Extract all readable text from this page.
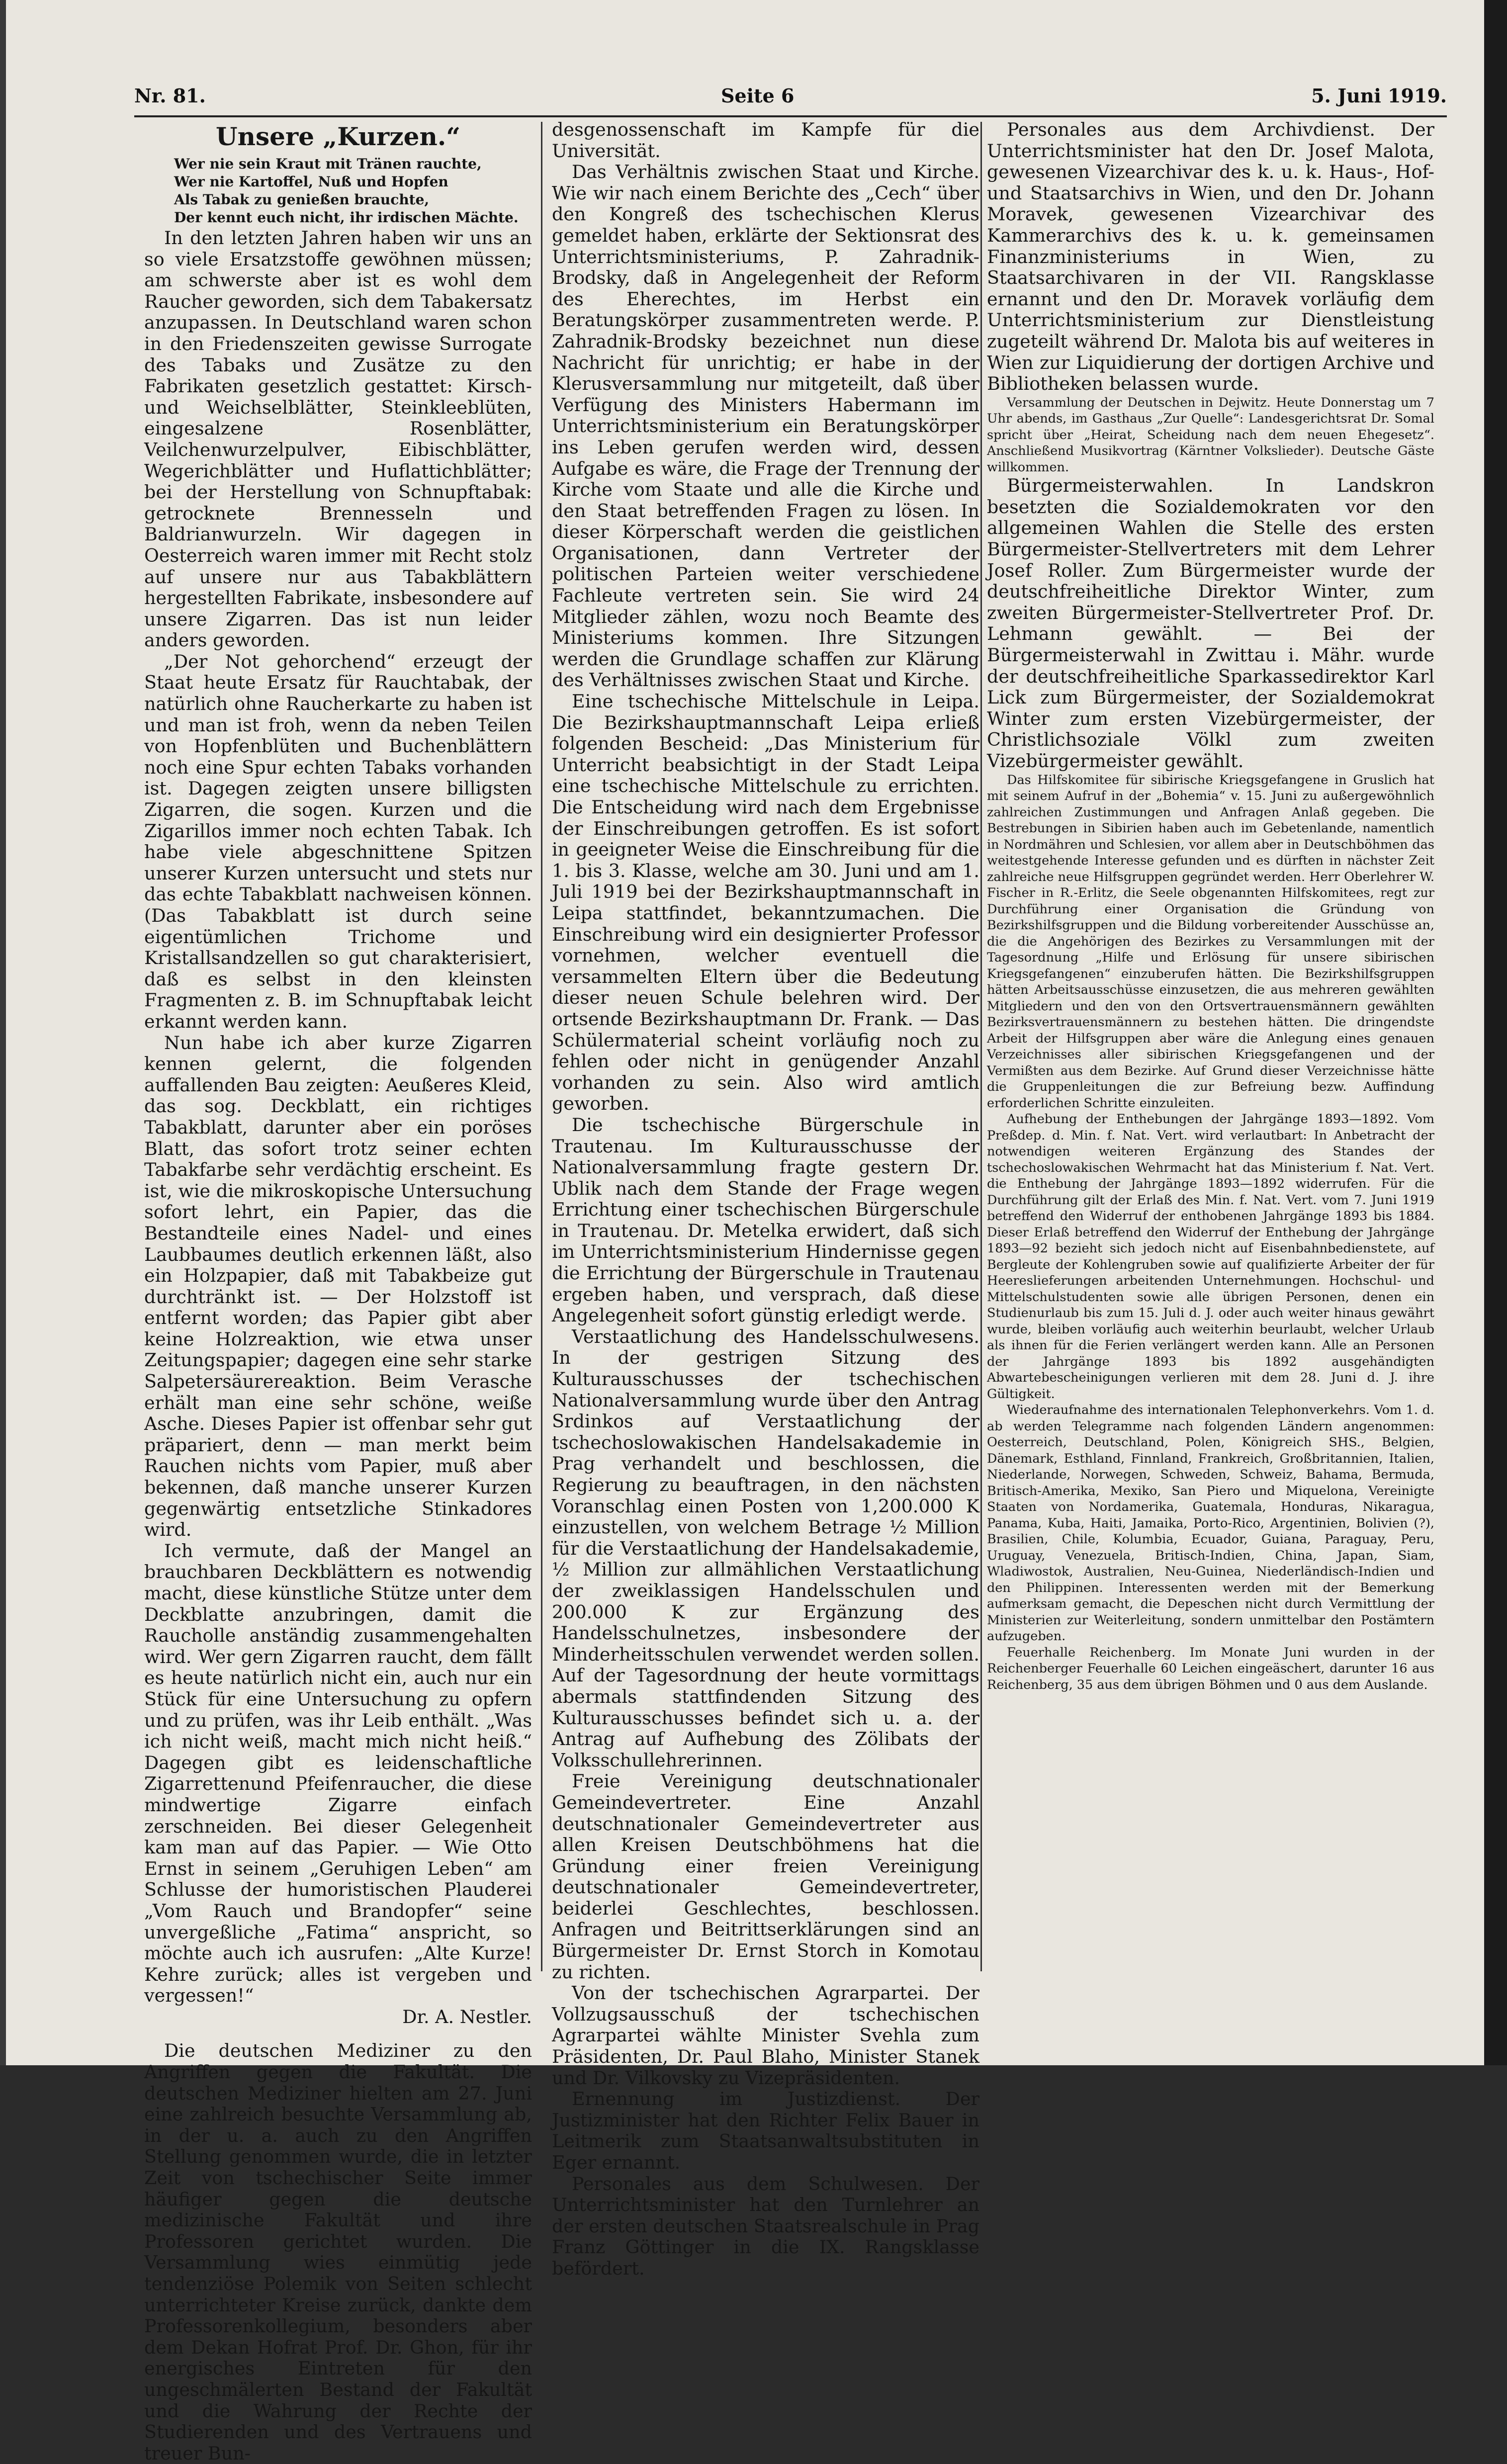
Nr. 81.	Seite 6	5. Juni 1919.
Unsere „Kurzen.“
Wer nie sein Kraut mit Tränen rauchte,
Wer nie Kartoffel, Nuß und Hopfen
Als Tabak zu genießen brauchte,
Der kennt euch nicht, ihr irdischen Mächte.

In den letzten Jahren haben wir uns an so viele Ersatzstoffe gewöhnen müssen; am schwerste aber ist es wohl dem Raucher geworden, sich dem Tabakersatz anzupassen. In Deutschland waren schon in den Friedenszeiten gewisse Surrogate des Tabaks und Zusätze zu den Fabrikaten gesetzlich gestattet: Kirsch- und Weichselblätter, Steinkleeblüten, eingesalzene Rosenblätter, Veilchenwurzelpulver, Eibischblätter, Wegerichblätter und Huflattichblätter; bei der Herstellung von Schnupftabak: getrocknete Brennesseln und Baldrianwurzeln. Wir dagegen in Oesterreich waren immer mit Recht stolz auf unsere nur aus Tabakblättern hergestellten Fabrikate, insbesondere auf unsere Zigarren. Das ist nun leider anders geworden.

„Der Not gehorchend“ erzeugt der Staat heute Ersatz für Rauchtabak, der natürlich ohne Raucherkarte zu haben ist und man ist froh, wenn da neben Teilen von Hopfenblüten und Buchenblättern noch eine Spur echten Tabaks vorhanden ist. Dagegen zeigten unsere billigsten Zigarren, die sogen. Kurzen und die Zigarillos immer noch echten Tabak. Ich habe viele abgeschnittene Spitzen unserer Kurzen untersucht und stets nur das echte Tabakblatt nachweisen können. (Das Tabakblatt ist durch seine eigentümlichen Trichome und Kristallsandzellen so gut charakterisiert, daß es selbst in den kleinsten Fragmenten z. B. im Schnupftabak leicht erkannt werden kann.

Nun habe ich aber kurze Zigarren kennen gelernt, die folgenden auffallenden Bau zeigten: Aeußeres Kleid, das sog. Deckblatt, ein richtiges Tabakblatt, darunter aber ein poröses Blatt, das sofort trotz seiner echten Tabakfarbe sehr verdächtig erscheint. Es ist, wie die mikroskopische Untersuchung sofort lehrt, ein Papier, das die Bestandteile eines Nadel- und eines Laubbaumes deutlich erkennen läßt, also ein Holzpapier, daß mit Tabakbeize gut durchtränkt ist. — Der Holzstoff ist entfernt worden; das Papier gibt aber keine Holzreaktion, wie etwa unser Zeitungspapier; dagegen eine sehr starke Salpetersäurereaktion. Beim Verasche erhält man eine sehr schöne, weiße Asche. Dieses Papier ist offenbar sehr gut präpariert, denn — man merkt beim Rauchen nichts vom Papier, muß aber bekennen, daß manche unserer Kurzen gegenwärtig entsetzliche Stinkadores wird.

Ich vermute, daß der Mangel an brauchbaren Deckblättern es notwendig macht, diese künstliche Stütze unter dem Deckblatte anzubringen, damit die Raucholle anständig zusammengehalten wird. Wer gern Zigarren raucht, dem fällt es heute natürlich nicht ein, auch nur ein Stück für eine Untersuchung zu opfern und zu prüfen, was ihr Leib enthält. „Was ich nicht weiß, macht mich nicht heiß.“ Dagegen gibt es leidenschaftliche Zigarrettenund Pfeifenraucher, die diese mindwertige Zigarre einfach zerschneiden. Bei dieser Gelegenheit kam man auf das Papier. — Wie Otto Ernst in seinem „Geruhigen Leben“ am Schlusse der humoristischen Plauderei „Vom Rauch und Brandopfer“ seine unvergeßliche „Fatima“ anspricht, so möchte auch ich ausrufen: „Alte Kurze! Kehre zurück; alles ist vergeben und vergessen!“

Dr. A. Nestler.

Die deutschen Mediziner zu den Angriffen gegen die Fakultät. Die deutschen Mediziner hielten am 27. Juni eine zahlreich besuchte Versammlung ab, in der u. a. auch zu den Angriffen Stellung genommen wurde, die in letzter Zeit von tschechischer Seite immer häufiger gegen die deutsche medizinische Fakultät und ihre Professoren gerichtet wurden. Die Versammlung wies einmütig jede tendenziöse Polemik von Seiten schlecht unterrichteter Kreise zurück, dankte dem Professorenkollegium, besonders aber dem Dekan Hofrat Prof. Dr. Ghon, für ihr energisches Eintreten für den ungeschmälerten Bestand der Fakultät und die Wahrung der Rechte der Studierenden und des Vertrauens und treuer Bun-

desgenossenschaft im Kampfe für die Universität.

Das Verhältnis zwischen Staat und Kirche. Wie wir nach einem Berichte des „Cech“ über den Kongreß des tschechischen Klerus gemeldet haben, erklärte der Sektionsrat des Unterrichtsministeriums, P. Zahradnik-Brodsky, daß in Angelegenheit der Reform des Eherechtes, im Herbst ein Beratungskörper zusammentreten werde. P. Zahradnik-Brodsky bezeichnet nun diese Nachricht für unrichtig; er habe in der Klerusversammlung nur mitgeteilt, daß über Verfügung des Ministers Habermann im Unterrichtsministerium ein Beratungskörper ins Leben gerufen werden wird, dessen Aufgabe es wäre, die Frage der Trennung der Kirche vom Staate und alle die Kirche und den Staat betreffenden Fragen zu lösen. In dieser Körperschaft werden die geistlichen Organisationen, dann Vertreter der politischen Parteien weiter verschiedene Fachleute vertreten sein. Sie wird 24 Mitglieder zählen, wozu noch Beamte des Ministeriums kommen. Ihre Sitzungen werden die Grundlage schaffen zur Klärung des Verhältnisses zwischen Staat und Kirche.

Eine tschechische Mittelschule in Leipa. Die Bezirkshauptmannschaft Leipa erließ folgenden Bescheid: „Das Ministerium für Unterricht beabsichtigt in der Stadt Leipa eine tschechische Mittelschule zu errichten. Die Entscheidung wird nach dem Ergebnisse der Einschreibungen getroffen. Es ist sofort in geeigneter Weise die Einschreibung für die 1. bis 3. Klasse, welche am 30. Juni und am 1. Juli 1919 bei der Bezirkshauptmannschaft in Leipa stattfindet, bekanntzumachen. Die Einschreibung wird ein designierter Professor vornehmen, welcher eventuell die versammelten Eltern über die Bedeutung dieser neuen Schule belehren wird. Der ortsende Bezirkshauptmann Dr. Frank. — Das Schülermaterial scheint vorläufig noch zu fehlen oder nicht in genügender Anzahl vorhanden zu sein. Also wird amtlich geworben.

Die tschechische Bürgerschule in Trautenau. Im Kulturausschusse der Nationalversammlung fragte gestern Dr. Ublik nach dem Stande der Frage wegen Errichtung einer tschechischen Bürgerschule in Trautenau. Dr. Metelka erwidert, daß sich im Unterrichtsministerium Hindernisse gegen die Errichtung der Bürgerschule in Trautenau ergeben haben, und versprach, daß diese Angelegenheit sofort günstig erledigt werde.

Verstaatlichung des Handelsschulwesens. In der gestrigen Sitzung des Kulturausschusses der tschechischen Nationalversammlung wurde über den Antrag Srdinkos auf Verstaatlichung der tschechoslowakischen Handelsakademie in Prag verhandelt und beschlossen, die Regierung zu beauftragen, in den nächsten Voranschlag einen Posten von 1,200.000 K einzustellen, von welchem Betrage ½ Million für die Verstaatlichung der Handelsakademie, ½ Million zur allmählichen Verstaatlichung der zweiklassigen Handelsschulen und 200.000 K zur Ergänzung des Handelsschulnetzes, insbesondere der Minderheitsschulen verwendet werden sollen. Auf der Tagesordnung der heute vormittags abermals stattfindenden Sitzung des Kulturausschusses befindet sich u. a. der Antrag auf Aufhebung des Zölibats der Volksschullehrerinnen.

Freie Vereinigung deutschnationaler Gemeindevertreter. Eine Anzahl deutschnationaler Gemeindevertreter aus allen Kreisen Deutschböhmens hat die Gründung einer freien Vereinigung deutschnationaler Gemeindevertreter, beiderlei Geschlechtes, beschlossen. Anfragen und Beitrittserklärungen sind an Bürgermeister Dr. Ernst Storch in Komotau zu richten.

Von der tschechischen Agrarpartei. Der Vollzugsausschuß der tschechischen Agrarpartei wählte Minister Svehla zum Präsidenten, Dr. Paul Blaho, Minister Stanek und Dr. Vilkovsky zu Vizepräsidenten.

Ernennung im Justizdienst. Der Justizminister hat den Richter Felix Bauer in Leitmerik zum Staatsanwaltsubstituten in Eger ernannt.

Personales aus dem Schulwesen. Der Unterrichtsminister hat den Turnlehrer an der ersten deutschen Staatsrealschule in Prag Franz Göttinger in die IX. Rangsklasse befördert.

Personales aus dem Archivdienst. Der Unterrichtsminister hat den Dr. Josef Malota, gewesenen Vizearchivar des k. u. k. Haus-, Hof- und Staatsarchivs in Wien, und den Dr. Johann Moravek, gewesenen Vizearchivar des Kammerarchivs des k. u. k. gemeinsamen Finanzministeriums in Wien, zu Staatsarchivaren in der VII. Rangsklasse ernannt und den Dr. Moravek vorläufig dem Unterrichtsministerium zur Dienstleistung zugeteilt während Dr. Malota bis auf weiteres in Wien zur Liquidierung der dortigen Archive und Bibliotheken belassen wurde.

Versammlung der Deutschen in Dejwitz. Heute Donnerstag um 7 Uhr abends, im Gasthaus „Zur Quelle“: Landesgerichtsrat Dr. Somal spricht über „Heirat, Scheidung nach dem neuen Ehegesetz“. Anschließend Musikvortrag (Kärntner Volkslieder). Deutsche Gäste willkommen.

Bürgermeisterwahlen. In Landskron besetzten die Sozialdemokraten vor den allgemeinen Wahlen die Stelle des ersten Bürgermeister-Stellvertreters mit dem Lehrer Josef Roller. Zum Bürgermeister wurde der deutschfreiheitliche Direktor Winter, zum zweiten Bürgermeister-Stellvertreter Prof. Dr. Lehmann gewählt. — Bei der Bürgermeisterwahl in Zwittau i. Mähr. wurde der deutschfreiheitliche Sparkassedirektor Karl Lick zum Bürgermeister, der Sozialdemokrat Winter zum ersten Vizebürgermeister, der Christlichsoziale Völkl zum zweiten Vizebürgermeister gewählt.

Das Hilfskomitee für sibirische Kriegsgefangene in Gruslich hat mit seinem Aufruf in der „Bohemia“ v. 15. Juni zu außergewöhnlich zahlreichen Zustimmungen und Anfragen Anlaß gegeben. Die Bestrebungen in Sibirien haben auch im Gebetenlande, namentlich in Nordmähren und Schlesien, vor allem aber in Deutschböhmen das weitestgehende Interesse gefunden und es dürften in nächster Zeit zahlreiche neue Hilfsgruppen gegründet werden. Herr Oberlehrer W. Fischer in R.-Erlitz, die Seele obgenannten Hilfskomitees, regt zur Durchführung einer Organisation die Gründung von Bezirkshilfsgruppen und die Bildung vorbereitender Ausschüsse an, die die Angehörigen des Bezirkes zu Versammlungen mit der Tagesordnung „Hilfe und Erlösung für unsere sibirischen Kriegsgefangenen“ einzuberufen hätten. Die Bezirkshilfsgruppen hätten Arbeitsausschüsse einzusetzen, die aus mehreren gewählten Mitgliedern und den von den Ortsvertrauensmännern gewählten Bezirksvertrauensmännern zu bestehen hätten. Die dringendste Arbeit der Hilfsgruppen aber wäre die Anlegung eines genauen Verzeichnisses aller sibirischen Kriegsgefangenen und der Vermißten aus dem Bezirke. Auf Grund dieser Verzeichnisse hätte die Gruppenleitungen die zur Befreiung bezw. Auffindung erforderlichen Schritte einzuleiten.

Aufhebung der Enthebungen der Jahrgänge 1893—1892. Vom Preßdep. d. Min. f. Nat. Vert. wird verlautbart: In Anbetracht der notwendigen weiteren Ergänzung des Standes der tschechoslowakischen Wehrmacht hat das Ministerium f. Nat. Vert. die Enthebung der Jahrgänge 1893—1892 widerrufen. Für die Durchführung gilt der Erlaß des Min. f. Nat. Vert. vom 7. Juni 1919 betreffend den Widerruf der enthobenen Jahrgänge 1893 bis 1884. Dieser Erlaß betreffend den Widerruf der Enthebung der Jahrgänge 1893—92 bezieht sich jedoch nicht auf Eisenbahnbedienstete, auf Bergleute der Kohlengruben sowie auf qualifizierte Arbeiter der für Heereslieferungen arbeitenden Unternehmungen. Hochschul- und Mittelschulstudenten sowie alle übrigen Personen, denen ein Studienurlaub bis zum 15. Juli d. J. oder auch weiter hinaus gewährt wurde, bleiben vorläufig auch weiterhin beurlaubt, welcher Urlaub als ihnen für die Ferien verlängert werden kann. Alle an Personen der Jahrgänge 1893 bis 1892 ausgehändigten Abwartebescheinigungen verlieren mit dem 28. Juni d. J. ihre Gültigkeit.

Wiederaufnahme des internationalen Telephonverkehrs. Vom 1. d. ab werden Telegramme nach folgenden Ländern angenommen: Oesterreich, Deutschland, Polen, Königreich SHS., Belgien, Dänemark, Esthland, Finnland, Frankreich, Großbritannien, Italien, Niederlande, Norwegen, Schweden, Schweiz, Bahama, Bermuda, Britisch-Amerika, Mexiko, San Piero und Miquelona, Vereinigte Staaten von Nordamerika, Guatemala, Honduras, Nikaragua, Panama, Kuba, Haiti, Jamaika, Porto-Rico, Argentinien, Bolivien (?), Brasilien, Chile, Kolumbia, Ecuador, Guiana, Paraguay, Peru, Uruguay, Venezuela, Britisch-Indien, China, Japan, Siam, Wladiwostok, Australien, Neu-Guinea, Niederländisch-Indien und den Philippinen. Interessenten werden mit der Bemerkung aufmerksam gemacht, die Depeschen nicht durch Vermittlung der Ministerien zur Weiterleitung, sondern unmittelbar den Postämtern aufzugeben.

Feuerhalle Reichenberg. Im Monate Juni wurden in der Reichenberger Feuerhalle 60 Leichen eingeäschert, darunter 16 aus Reichenberg, 35 aus dem übrigen Böhmen und 0 aus dem Auslande.
